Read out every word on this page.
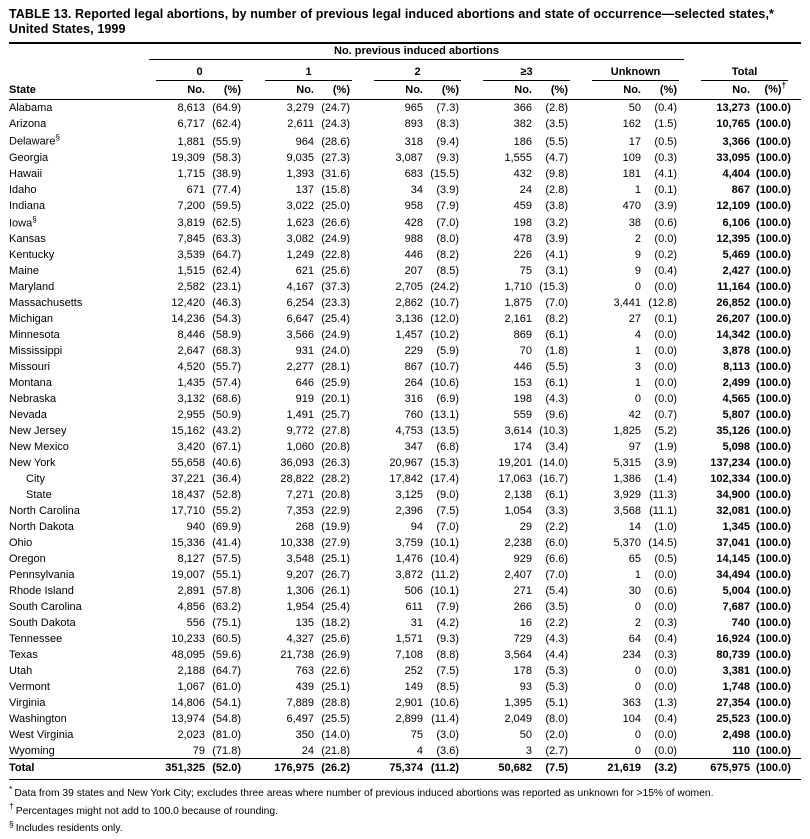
TABLE 13. Reported legal abortions, by number of previous legal induced abortions and state of occurrence—selected states,*
United States, 1999

	No. previous induced abortions											

	0		1		2		≥3		Unknown		Total	

State	No.	(%)	No.	(%)	No.	(%)	No.	(%)	No.	(%)	No.	(%)†
Alabama	8,613	(64.9)	3,279	(24.7)	965	(7.3)	366	(2.8)	50	(0.4)	13,273	(100.0)
Arizona	6,717	(62.4)	2,611	(24.3)	893	(8.3)	382	(3.5)	162	(1.5)	10,765	(100.0)
Delaware§	1,881	(55.9)	964	(28.6)	318	(9.4)	186	(5.5)	17	(0.5)	3,366	(100.0)
Georgia	19,309	(58.3)	9,035	(27.3)	3,087	(9.3)	1,555	(4.7)	109	(0.3)	33,095	(100.0)
Hawaii	1,715	(38.9)	1,393	(31.6)	683	(15.5)	432	(9.8)	181	(4.1)	4,404	(100.0)
Idaho	671	(77.4)	137	(15.8)	34	(3.9)	24	(2.8)	1	(0.1)	867	(100.0)
Indiana	7,200	(59.5)	3,022	(25.0)	958	(7.9)	459	(3.8)	470	(3.9)	12,109	(100.0)
Iowa§	3,819	(62.5)	1,623	(26.6)	428	(7.0)	198	(3.2)	38	(0.6)	6,106	(100.0)
Kansas	7,845	(63.3)	3,082	(24.9)	988	(8.0)	478	(3.9)	2	(0.0)	12,395	(100.0)
Kentucky	3,539	(64.7)	1,249	(22.8)	446	(8.2)	226	(4.1)	9	(0.2)	5,469	(100.0)
Maine	1,515	(62.4)	621	(25.6)	207	(8.5)	75	(3.1)	9	(0.4)	2,427	(100.0)
Maryland	2,582	(23.1)	4,167	(37.3)	2,705	(24.2)	1,710	(15.3)	0	(0.0)	11,164	(100.0)
Massachusetts	12,420	(46.3)	6,254	(23.3)	2,862	(10.7)	1,875	(7.0)	3,441	(12.8)	26,852	(100.0)
Michigan	14,236	(54.3)	6,647	(25.4)	3,136	(12.0)	2,161	(8.2)	27	(0.1)	26,207	(100.0)
Minnesota	8,446	(58.9)	3,566	(24.9)	1,457	(10.2)	869	(6.1)	4	(0.0)	14,342	(100.0)
Mississippi	2,647	(68.3)	931	(24.0)	229	(5.9)	70	(1.8)	1	(0.0)	3,878	(100.0)
Missouri	4,520	(55.7)	2,277	(28.1)	867	(10.7)	446	(5.5)	3	(0.0)	8,113	(100.0)
Montana	1,435	(57.4)	646	(25.9)	264	(10.6)	153	(6.1)	1	(0.0)	2,499	(100.0)
Nebraska	3,132	(68.6)	919	(20.1)	316	(6.9)	198	(4.3)	0	(0.0)	4,565	(100.0)
Nevada	2,955	(50.9)	1,491	(25.7)	760	(13.1)	559	(9.6)	42	(0.7)	5,807	(100.0)
New Jersey	15,162	(43.2)	9,772	(27.8)	4,753	(13.5)	3,614	(10.3)	1,825	(5.2)	35,126	(100.0)
New Mexico	3,420	(67.1)	1,060	(20.8)	347	(6.8)	174	(3.4)	97	(1.9)	5,098	(100.0)
New York	55,658	(40.6)	36,093	(26.3)	20,967	(15.3)	19,201	(14.0)	5,315	(3.9)	137,234	(100.0)
City	37,221	(36.4)	28,822	(28.2)	17,842	(17.4)	17,063	(16.7)	1,386	(1.4)	102,334	(100.0)
State	18,437	(52.8)	7,271	(20.8)	3,125	(9.0)	2,138	(6.1)	3,929	(11.3)	34,900	(100.0)
North Carolina	17,710	(55.2)	7,353	(22.9)	2,396	(7.5)	1,054	(3.3)	3,568	(11.1)	32,081	(100.0)
North Dakota	940	(69.9)	268	(19.9)	94	(7.0)	29	(2.2)	14	(1.0)	1,345	(100.0)
Ohio	15,336	(41.4)	10,338	(27.9)	3,759	(10.1)	2,238	(6.0)	5,370	(14.5)	37,041	(100.0)
Oregon	8,127	(57.5)	3,548	(25.1)	1,476	(10.4)	929	(6.6)	65	(0.5)	14,145	(100.0)
Pennsylvania	19,007	(55.1)	9,207	(26.7)	3,872	(11.2)	2,407	(7.0)	1	(0.0)	34,494	(100.0)
Rhode Island	2,891	(57.8)	1,306	(26.1)	506	(10.1)	271	(5.4)	30	(0.6)	5,004	(100.0)
South Carolina	4,856	(63.2)	1,954	(25.4)	611	(7.9)	266	(3.5)	0	(0.0)	7,687	(100.0)
South Dakota	556	(75.1)	135	(18.2)	31	(4.2)	16	(2.2)	2	(0.3)	740	(100.0)
Tennessee	10,233	(60.5)	4,327	(25.6)	1,571	(9.3)	729	(4.3)	64	(0.4)	16,924	(100.0)
Texas	48,095	(59.6)	21,738	(26.9)	7,108	(8.8)	3,564	(4.4)	234	(0.3)	80,739	(100.0)
Utah	2,188	(64.7)	763	(22.6)	252	(7.5)	178	(5.3)	0	(0.0)	3,381	(100.0)
Vermont	1,067	(61.0)	439	(25.1)	149	(8.5)	93	(5.3)	0	(0.0)	1,748	(100.0)
Virginia	14,806	(54.1)	7,889	(28.8)	2,901	(10.6)	1,395	(5.1)	363	(1.3)	27,354	(100.0)
Washington	13,974	(54.8)	6,497	(25.5)	2,899	(11.4)	2,049	(8.0)	104	(0.4)	25,523	(100.0)
West Virginia	2,023	(81.0)	350	(14.0)	75	(3.0)	50	(2.0)	0	(0.0)	2,498	(100.0)
Wyoming	79	(71.8)	24	(21.8)	4	(3.6)	3	(2.7)	0	(0.0)	110	(100.0)
Total	351,325	(52.0)	176,975	(26.2)	75,374	(11.2)	50,682	(7.5)	21,619	(3.2)	675,975	(100.0)
* Data from 39 states and New York City; excludes three areas where number of previous induced abortions was reported as unknown for >15% of women.
† Percentages might not add to 100.0 because of rounding.
§ Includes residents only.
